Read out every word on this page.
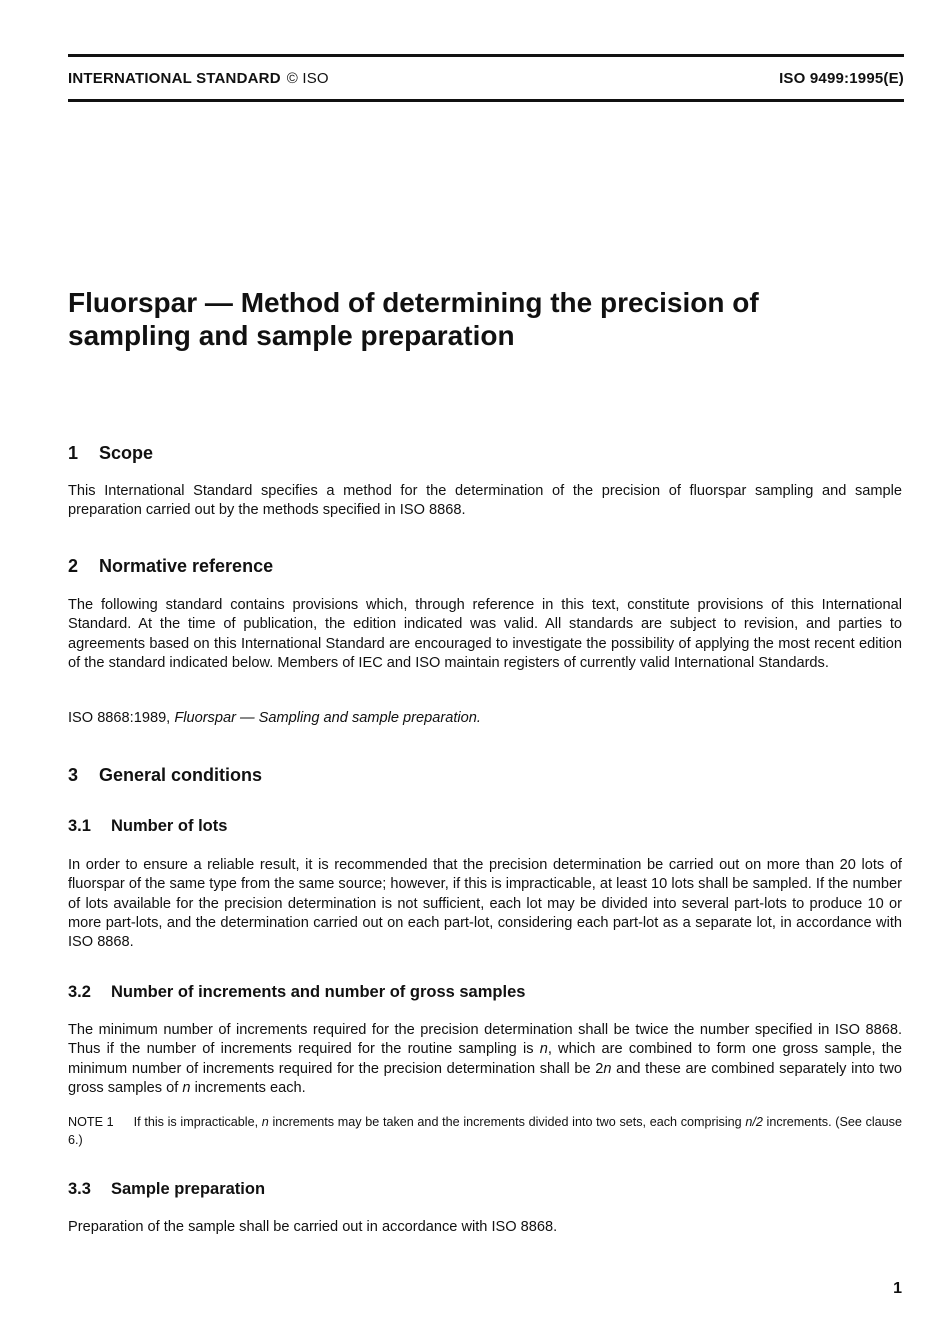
INTERNATIONAL STANDARD © ISO	ISO 9499:1995(E)
Fluorspar — Method of determining the precision of
sampling and sample preparation
1 Scope

This International Standard specifies a method for the determination of the precision of fluorspar sampling and sample preparation carried out by the methods specified in ISO 8868.

2 Normative reference

The following standard contains provisions which, through reference in this text, constitute provisions of this International Standard. At the time of publication, the edition indicated was valid. All standards are subject to revision, and parties to agreements based on this International Standard are encouraged to investigate the possibility of applying the most recent edition of the standard indicated below. Members of IEC and ISO maintain registers of currently valid International Standards.

ISO 8868:1989, Fluorspar — Sampling and sample preparation.

3 General conditions
3.1 Number of lots

In order to ensure a reliable result, it is recommended that the precision determination be carried out on more than 20 lots of fluorspar of the same type from the same source; however, if this is impracticable, at least 10 lots shall be sampled. If the number of lots available for the precision determination is not sufficient, each lot may be divided into several part-lots to produce 10 or more part-lots, and the determination carried out on each part-lot, considering each part-lot as a separate lot, in accordance with ISO 8868.

3.2 Number of increments and number of gross samples

The minimum number of increments required for the precision determination shall be twice the number specified in ISO 8868. Thus if the number of increments required for the routine sampling is n, which are combined to form one gross sample, the minimum number of increments required for the precision determination shall be 2n and these are combined separately into two gross samples of n increments each.

NOTE 1 If this is impracticable, n increments may be taken and the increments divided into two sets, each comprising n/2 increments. (See clause 6.)

3.3 Sample preparation

Preparation of the sample shall be carried out in accordance with ISO 8868.

1
